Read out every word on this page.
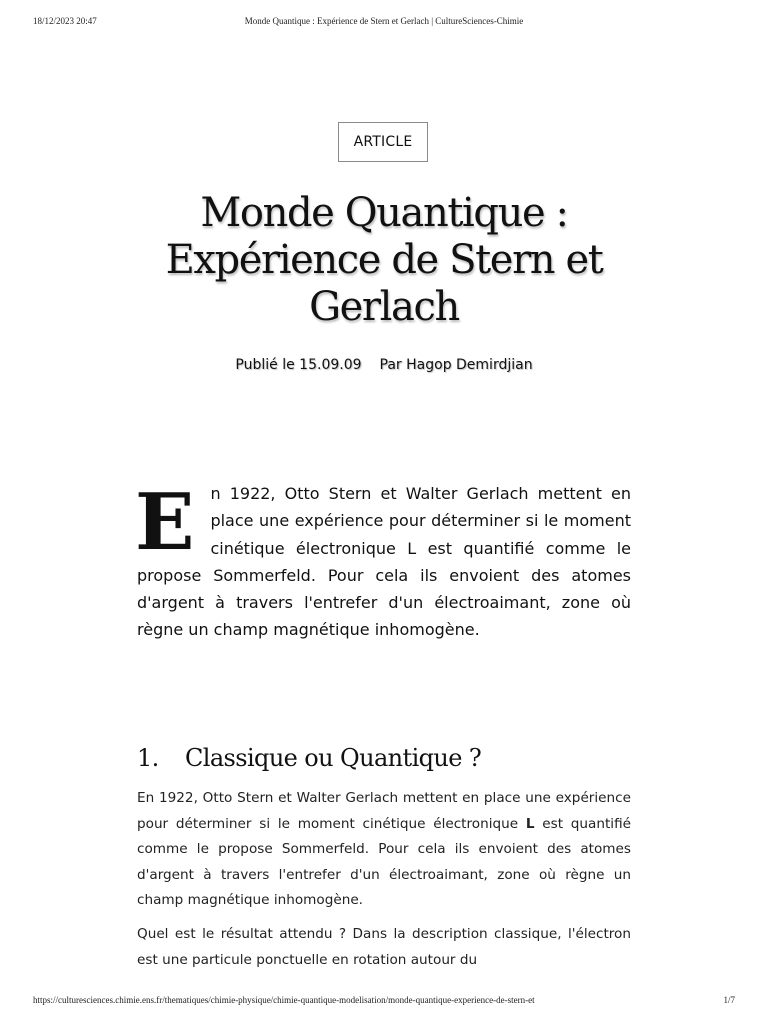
18/12/2023 20:47	Monde Quantique : Expérience de Stern et Gerlach | CultureSciences-Chimie
ARTICLE
Monde Quantique : Expérience de Stern et Gerlach
Publié le 15.09.09 Par Hagop Demirdjian

E n 1922, Otto Stern et Walter Gerlach mettent en place une expérience pour déterminer si le moment cinétique électronique L est quantifié comme le propose Sommerfeld. Pour cela ils envoient des atomes d'argent à travers l'entrefer d'un électroaimant, zone où règne un champ magnétique inhomogène.

1. Classique ou Quantique ?

En 1922, Otto Stern et Walter Gerlach mettent en place une expérience pour déterminer si le moment cinétique électronique L est quantifié comme le propose Sommerfeld. Pour cela ils envoient des atomes d'argent à travers l'entrefer d'un électroaimant, zone où règne un champ magnétique inhomogène.

Quel est le résultat attendu ? Dans la description classique, l'électron est une particule ponctuelle en rotation autour du

https://culturesciences.chimie.ens.fr/thematiques/chimie-physique/chimie-quantique-modelisation/monde-quantique-experience-de-stern-et	1/7
